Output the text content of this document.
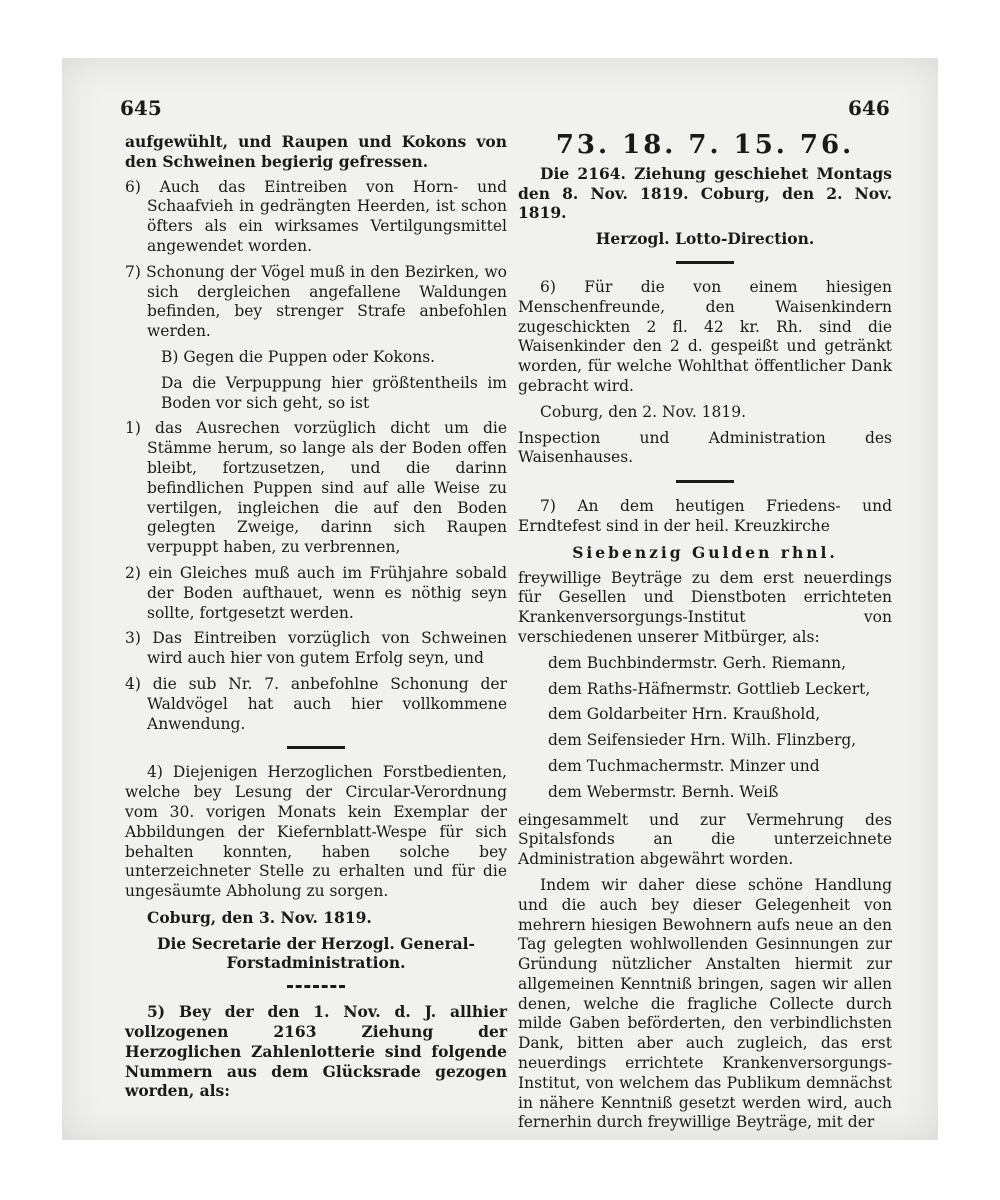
645	646

aufgewühlt, und Raupen und Kokons von den Schweinen begierig gefressen.

6) Auch das Eintreiben von Horn- und Schaafvieh in gedrängten Heerden, ist schon öfters als ein wirksames Vertilgungsmittel angewendet worden.

7) Schonung der Vögel muß in den Bezirken, wo sich dergleichen angefallene Waldungen befinden, bey strenger Strafe anbefohlen werden.

B) Gegen die Puppen oder Kokons.

Da die Verpuppung hier größtentheils im Boden vor sich geht, so ist

1) das Ausrechen vorzüglich dicht um die Stämme herum, so lange als der Boden offen bleibt, fortzusetzen, und die darinn befindlichen Puppen sind auf alle Weise zu vertilgen, ingleichen die auf den Boden gelegten Zweige, darinn sich Raupen verpuppt haben, zu verbrennen,

2) ein Gleiches muß auch im Frühjahre sobald der Boden aufthauet, wenn es nöthig seyn sollte, fortgesetzt werden.

3) Das Eintreiben vorzüglich von Schweinen wird auch hier von gutem Erfolg seyn, und

4) die sub Nr. 7. anbefohlne Schonung der Waldvögel hat auch hier vollkommene Anwendung.

4) Diejenigen Herzoglichen Forstbedienten, welche bey Lesung der Circular-Verordnung vom 30. vorigen Monats kein Exemplar der Abbildungen der Kiefernblatt-Wespe für sich behalten konnten, haben solche bey unterzeichneter Stelle zu erhalten und für die ungesäumte Abholung zu sorgen.

Coburg, den 3. Nov. 1819.

Die Secretarie der Herzogl. General-Forstadministration.

5) Bey der den 1. Nov. d. J. allhier vollzogenen 2163 Ziehung der Herzoglichen Zahlenlotterie sind folgende Nummern aus dem Glücksrade gezogen worden, als:

73. 18. 7. 15. 76.

Die 2164. Ziehung geschiehet Montags den 8. Nov. 1819. Coburg, den 2. Nov. 1819.

Herzogl. Lotto-Direction.

6) Für die von einem hiesigen Menschenfreunde, den Waisenkindern zugeschickten 2 fl. 42 kr. Rh. sind die Waisenkinder den 2 d. gespeißt und getränkt worden, für welche Wohlthat öffentlicher Dank gebracht wird.

Coburg, den 2. Nov. 1819.

Inspection und Administration des Waisenhauses.

7) An dem heutigen Friedens- und Erndtefest sind in der heil. Kreuzkirche

Siebenzig Gulden rhnl.

freywillige Beyträge zu dem erst neuerdings für Gesellen und Dienstboten errichteten Krankenversorgungs-Institut von verschiedenen unserer Mitbürger, als:

dem Buchbindermstr. Gerh. Riemann,
dem Raths-Häfnermstr. Gottlieb Leckert,
dem Goldarbeiter Hrn. Kraußhold,
dem Seifensieder Hrn. Wilh. Flinzberg,
dem Tuchmachermstr. Minzer und
dem Webermstr. Bernh. Weiß

eingesammelt und zur Vermehrung des Spitalsfonds an die unterzeichnete Administration abgewährt worden.

Indem wir daher diese schöne Handlung und die auch bey dieser Gelegenheit von mehrern hiesigen Bewohnern aufs neue an den Tag gelegten wohlwollenden Gesinnungen zur Gründung nützlicher Anstalten hiermit zur allgemeinen Kenntniß bringen, sagen wir allen denen, welche die fragliche Collecte durch milde Gaben beförderten, den verbindlichsten Dank, bitten aber auch zugleich, das erst neuerdings errichtete Krankenversorgungs-Institut, von welchem das Publikum demnächst in nähere Kenntniß gesetzt werden wird, auch fernerhin durch freywillige Beyträge, mit der
